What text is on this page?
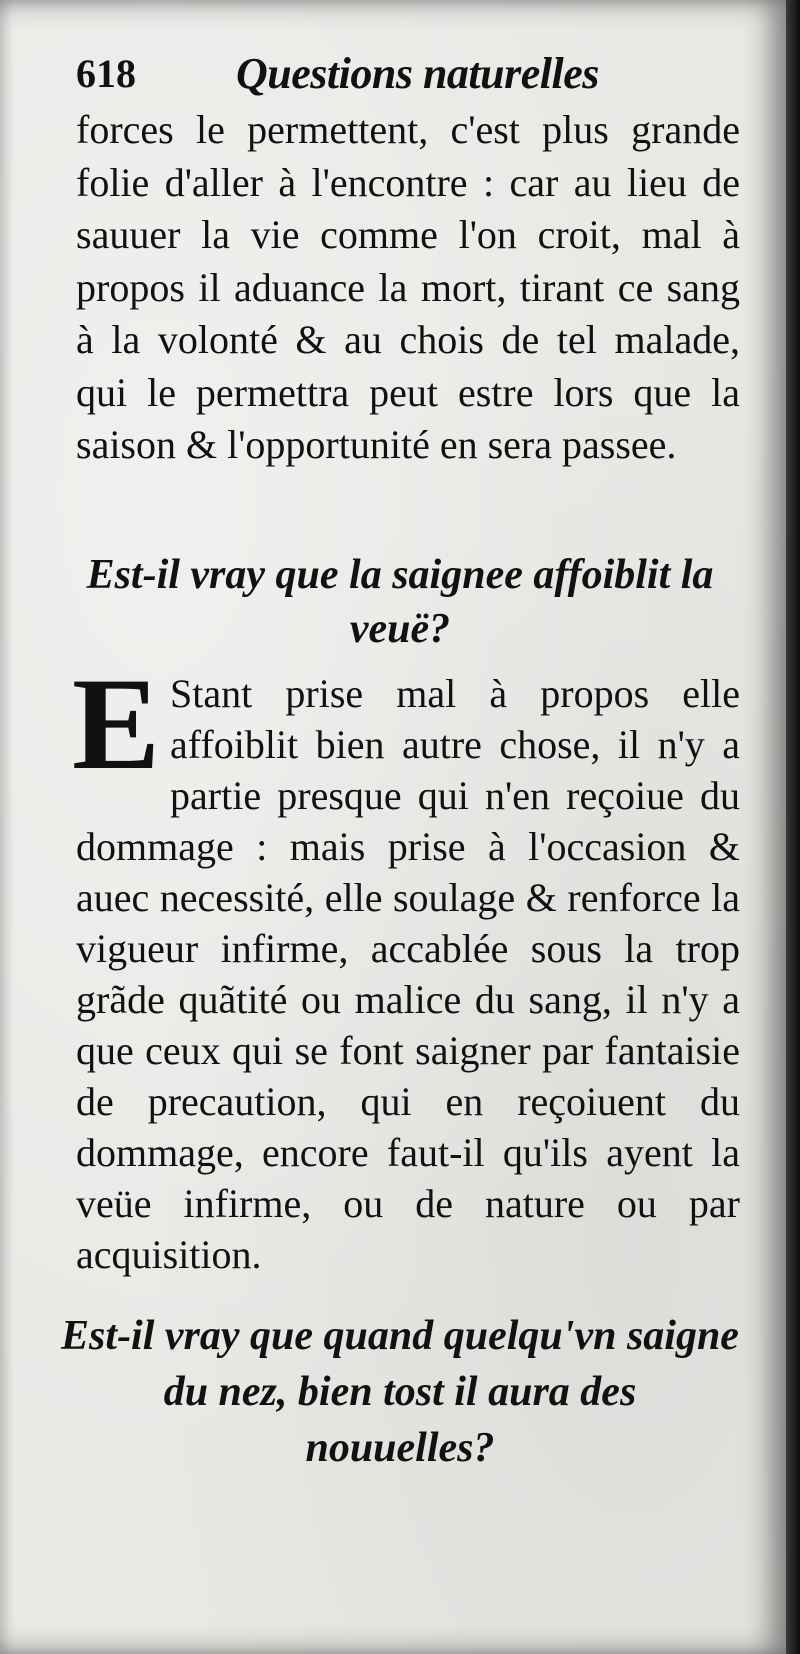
618 Questions naturelles
forces le permettent, c'est plus grande folie d'aller à l'encontre : car au lieu de sauuer la vie comme l'on croit, mal à propos il aduance la mort, tirant ce sang à la volonté & au chois de tel malade, qui le permettra peut estre lors que la saison & l'opportunité en sera passee.
Est-il vray que la saignee affoiblit la veuë?
E Stant prise mal à propos elle affoiblit bien autre chose, il n'y a partie presque qui n'en reçoiue du dommage : mais prise à l'occasion & auec necessité, elle soulage & renforce la vigueur infirme, accablée sous la trop grãde quãtité ou malice du sang, il n'y a que ceux qui se font saigner par fantaisie de precaution, qui en reçoiuent du dommage, encore faut-il qu'ils ayent la veüe infirme, ou de nature ou par acquisition.
Est-il vray que quand quelqu'vn saigne du nez, bien tost il aura des
nouuelles?
